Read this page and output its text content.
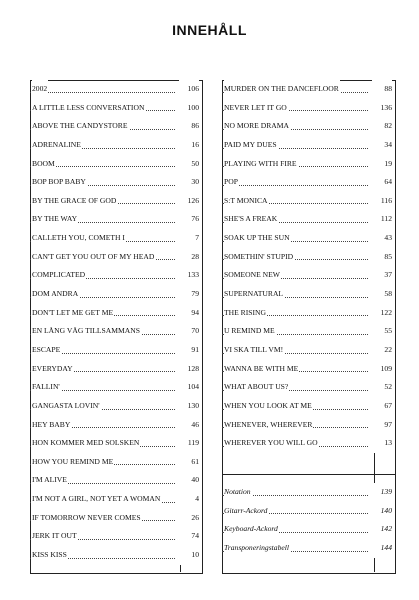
INNEHÅLL
2002	106
A LITTLE LESS CONVERSATION	100
ABOVE THE CANDYSTORE	86
ADRENALINE	16
BOOM	50
BOP BOP BABY	30
BY THE GRACE OF GOD	126
BY THE WAY	76
CALLETH YOU, COMETH I	7
CAN'T GET YOU OUT OF MY HEAD	28
COMPLICATED	133
DOM ANDRA	79
DON'T LET ME GET ME	94
EN LÅNG VÄG TILLSAMMANS	70
ESCAPE	91
EVERYDAY	128
FALLIN'	104
GANGASTA LOVIN'	130
HEY BABY	46
HON KOMMER MED SOLSKEN	119
HOW YOU REMIND ME	61
I'M ALIVE	40
I'M NOT A GIRL, NOT YET A WOMAN	4
IF TOMORROW NEVER COMES	26
JERK IT OUT	74
KISS KISS	10
MURDER ON THE DANCEFLOOR	88
NEVER LET IT GO	136
NO MORE DRAMA	82
PAID MY DUES	34
PLAYING WITH FIRE	19
POP	64
S:T MONICA	116
SHE'S A FREAK	112
SOAK UP THE SUN	43
SOMETHIN' STUPID	85
SOMEONE NEW	37
SUPERNATURAL	58
THE RISING	122
U REMIND ME	55
VI SKA TILL VM!	22
WANNA BE WITH ME	109
WHAT ABOUT US?	52
WHEN YOU LOOK AT ME	67
WHENEVER, WHEREVER	97
WHEREVER YOU WILL GO	13
Notation	139
Gitarr-Ackord	140
Keyboard-Ackord	142
Transponeringstabell	144
